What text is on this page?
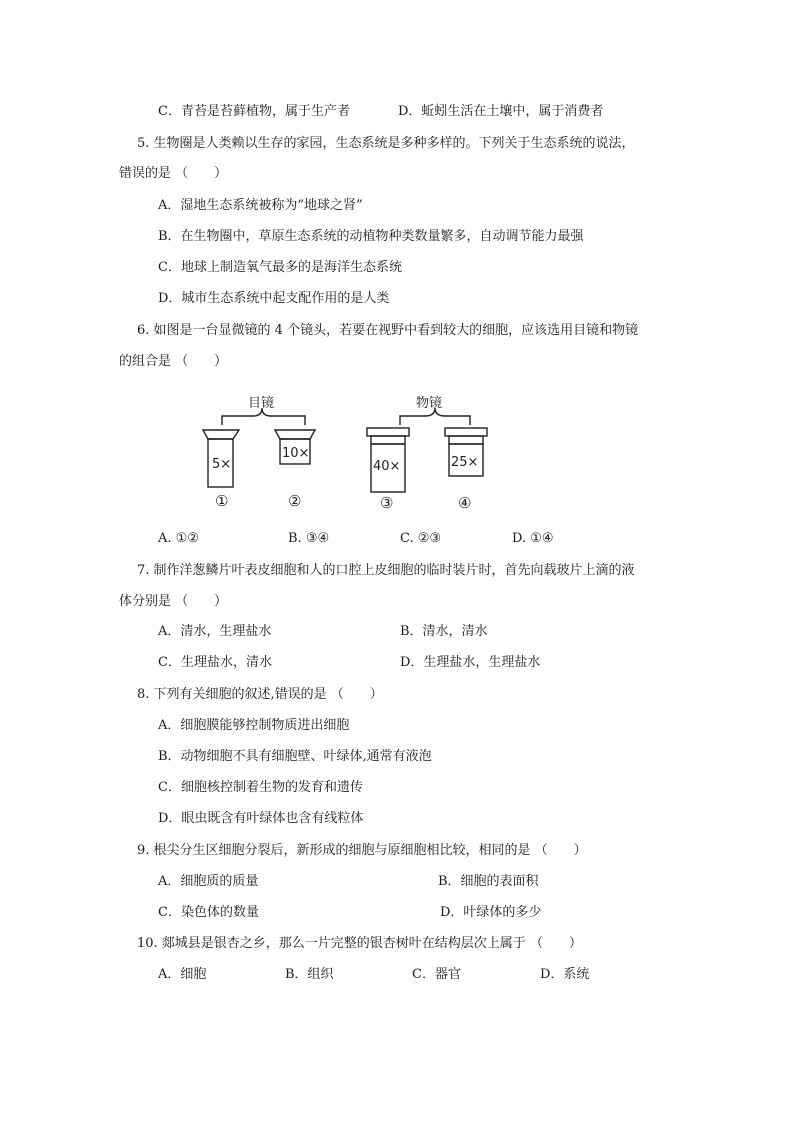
C．青苔是苔藓植物，属于生产者	D．蚯蚓生活在土壤中，属于消费者
5. 生物圈是人类赖以生存的家园，生态系统是多种多样的。下列关于生态系统的说法，
错误的是 （　　）
A．湿地生态系统被称为“地球之肾”
B．在生物圈中，草原生态系统的动植物种类数量繁多，自动调节能力最强
C．地球上制造氧气最多的是海洋生态系统
D．城市生态系统中起支配作用的是人类
6. 如图是一台显微镜的 4 个镜头，若要在视野中看到较大的细胞，应该选用目镜和物镜
的组合是 （　　）
目镜	物镜
5×
①
10×
②
40×
③
25×
④
A. ①②	B. ③④	C. ②③	D. ①④
7. 制作洋葱鳞片叶表皮细胞和人的口腔上皮细胞的临时装片时，首先向载玻片上滴的液
体分别是 （　　）
A．清水，生理盐水	B．清水，清水
C．生理盐水，清水	D．生理盐水，生理盐水
8. 下列有关细胞的叙述,错误的是 （　　）
A．细胞膜能够控制物质进出细胞
B．动物细胞不具有细胞壁、叶绿体,通常有液泡
C．细胞核控制着生物的发育和遗传
D．眼虫既含有叶绿体也含有线粒体
9. 根尖分生区细胞分裂后，新形成的细胞与原细胞相比较，相同的是 （　　）
A．细胞质的质量	B．细胞的表面积
C．染色体的数量	D．叶绿体的多少
10. 郯城县是银杏之乡，那么一片完整的银杏树叶在结构层次上属于 （　　）
A．细胞	B．组织	C．器官	D．系统
